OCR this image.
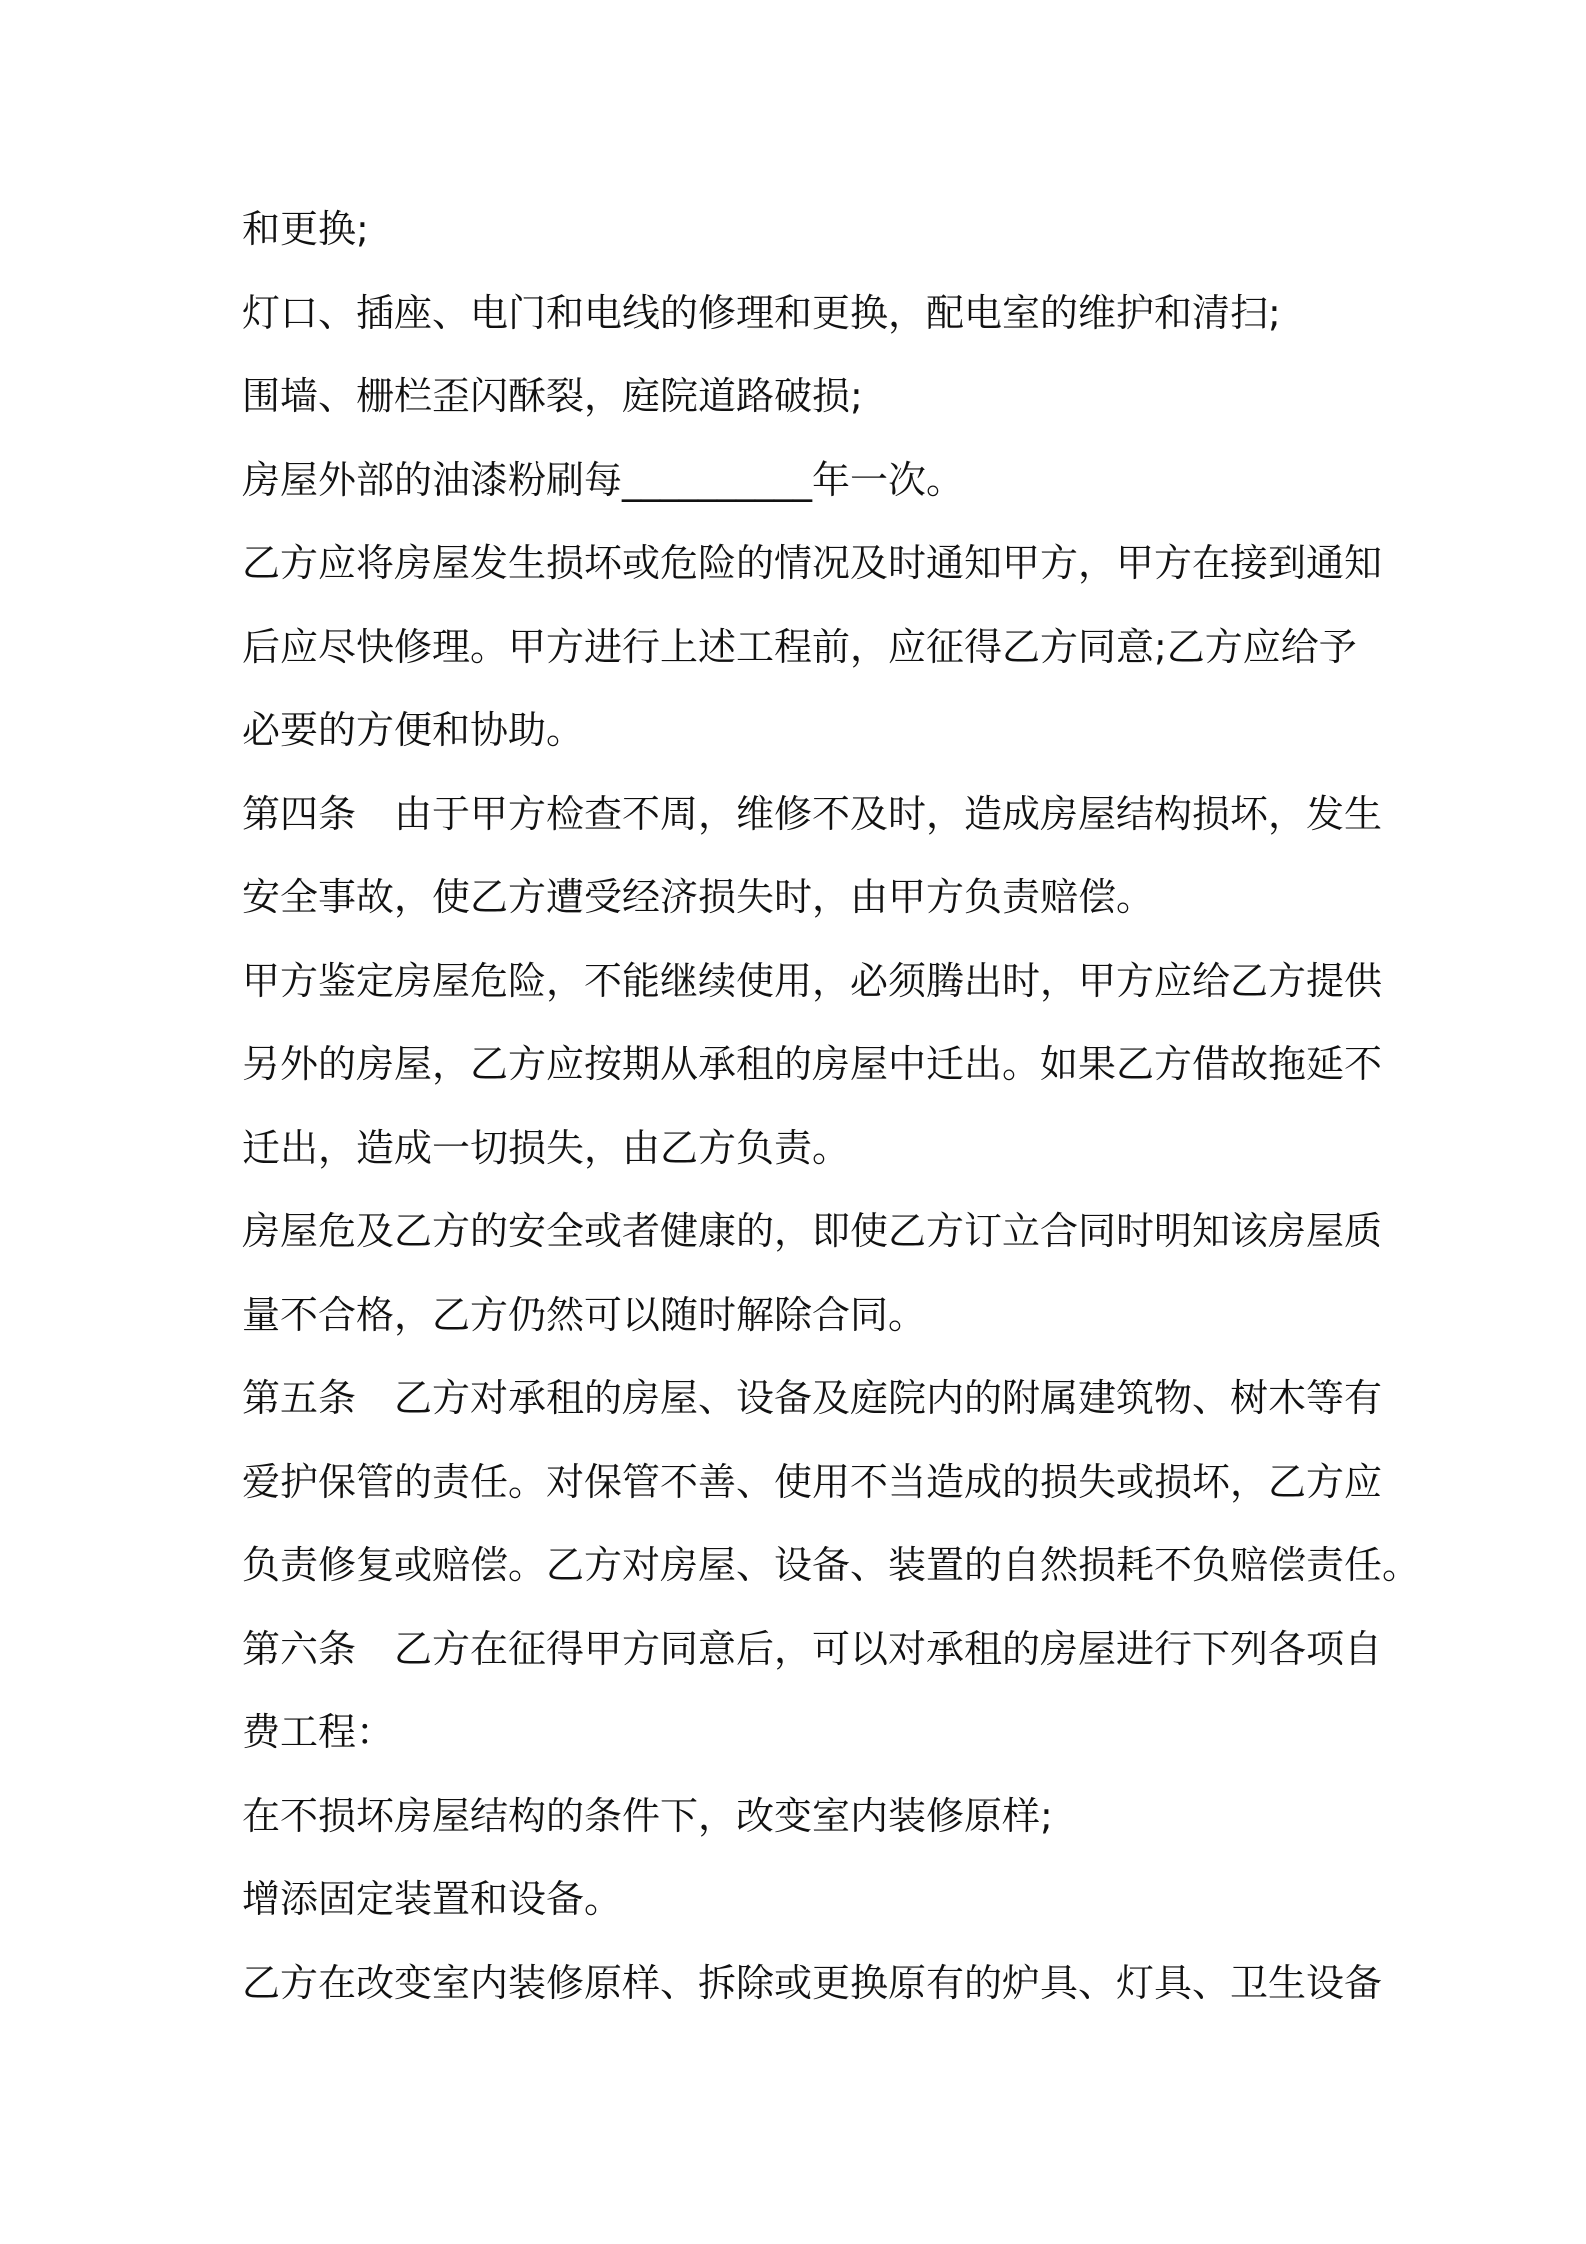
和更换;

灯口、插座、电门和电线的修理和更换，配电室的维护和清扫;

围墙、栅栏歪闪酥裂，庭院道路破损;

房屋外部的油漆粉刷每__________年一次。

乙方应将房屋发生损坏或危险的情况及时通知甲方，甲方在接到通知

后应尽快修理。甲方进行上述工程前，应征得乙方同意;乙方应给予

必要的方便和协助。

第四条　由于甲方检查不周，维修不及时，造成房屋结构损坏，发生

安全事故，使乙方遭受经济损失时，由甲方负责赔偿。

甲方鉴定房屋危险，不能继续使用，必须腾出时，甲方应给乙方提供

另外的房屋，乙方应按期从承租的房屋中迁出。如果乙方借故拖延不

迁出，造成一切损失，由乙方负责。

房屋危及乙方的安全或者健康的，即使乙方订立合同时明知该房屋质

量不合格，乙方仍然可以随时解除合同。

第五条　乙方对承租的房屋、设备及庭院内的附属建筑物、树木等有

爱护保管的责任。对保管不善、使用不当造成的损失或损坏，乙方应

负责修复或赔偿。乙方对房屋、设备、装置的自然损耗不负赔偿责任。

第六条　乙方在征得甲方同意后，可以对承租的房屋进行下列各项自

费工程：

在不损坏房屋结构的条件下，改变室内装修原样;

增添固定装置和设备。

乙方在改变室内装修原样、拆除或更换原有的炉具、灯具、卫生设备
